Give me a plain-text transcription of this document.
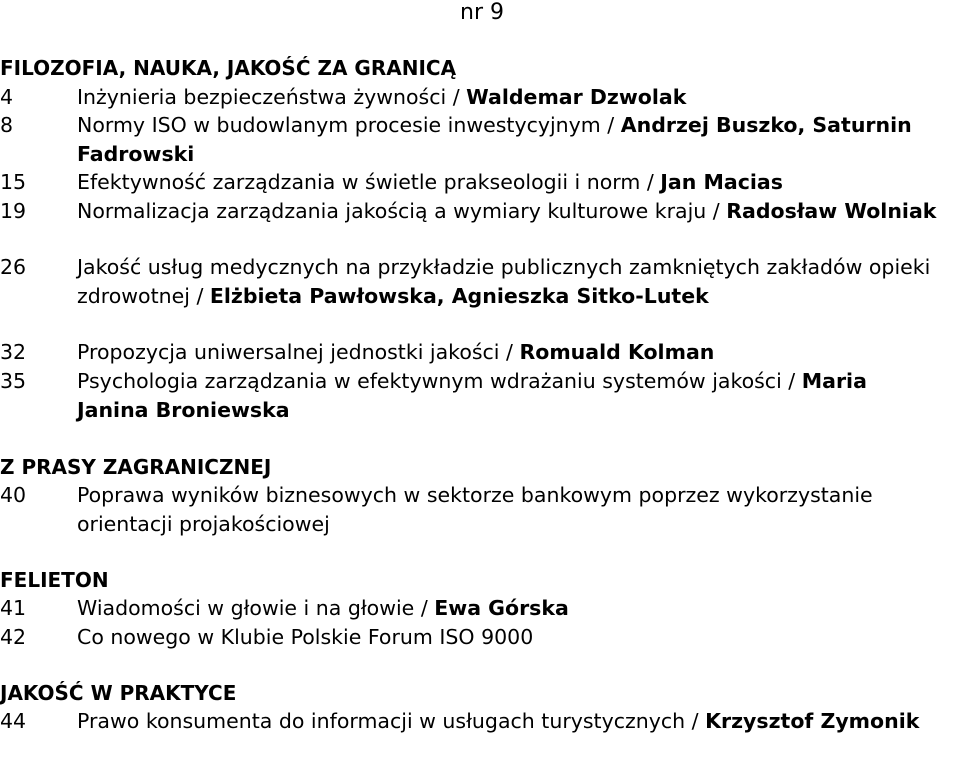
nr 9
FILOZOFIA, NAUKA, JAKOŚĆ ZA GRANICĄ
4	Inżynieria bezpieczeństwa żywności / Waldemar Dzwolak
8	Normy ISO w budowlanym procesie inwestycyjnym / Andrzej Buszko, Saturnin Fadrowski
15 Efektywność zarządzania w świetle prakseologii i norm / Jan Macias
19 Normalizacja zarządzania jakością a wymiary kulturowe kraju / Radosław Wolniak
26 Jakość usług medycznych na przykładzie publicznych zamkniętych zakładów opieki zdrowotnej / Elżbieta Pawłowska, Agnieszka Sitko-Lutek
32 Propozycja uniwersalnej jednostki jakości / Romuald Kolman
35 Psychologia zarządzania w efektywnym wdrażaniu systemów jakości / Maria Janina Broniewska
Z PRASY ZAGRANICZNEJ
40 Poprawa wyników biznesowych w sektorze bankowym poprzez wykorzystanie orientacji projakościowej
FELIETON
41 Wiadomości w głowie i na głowie / Ewa Górska
42 Co nowego w Klubie Polskie Forum ISO 9000
JAKOŚĆ W PRAKTYCE
44 Prawo konsumenta do informacji w usługach turystycznych / Krzysztof Zymonik
